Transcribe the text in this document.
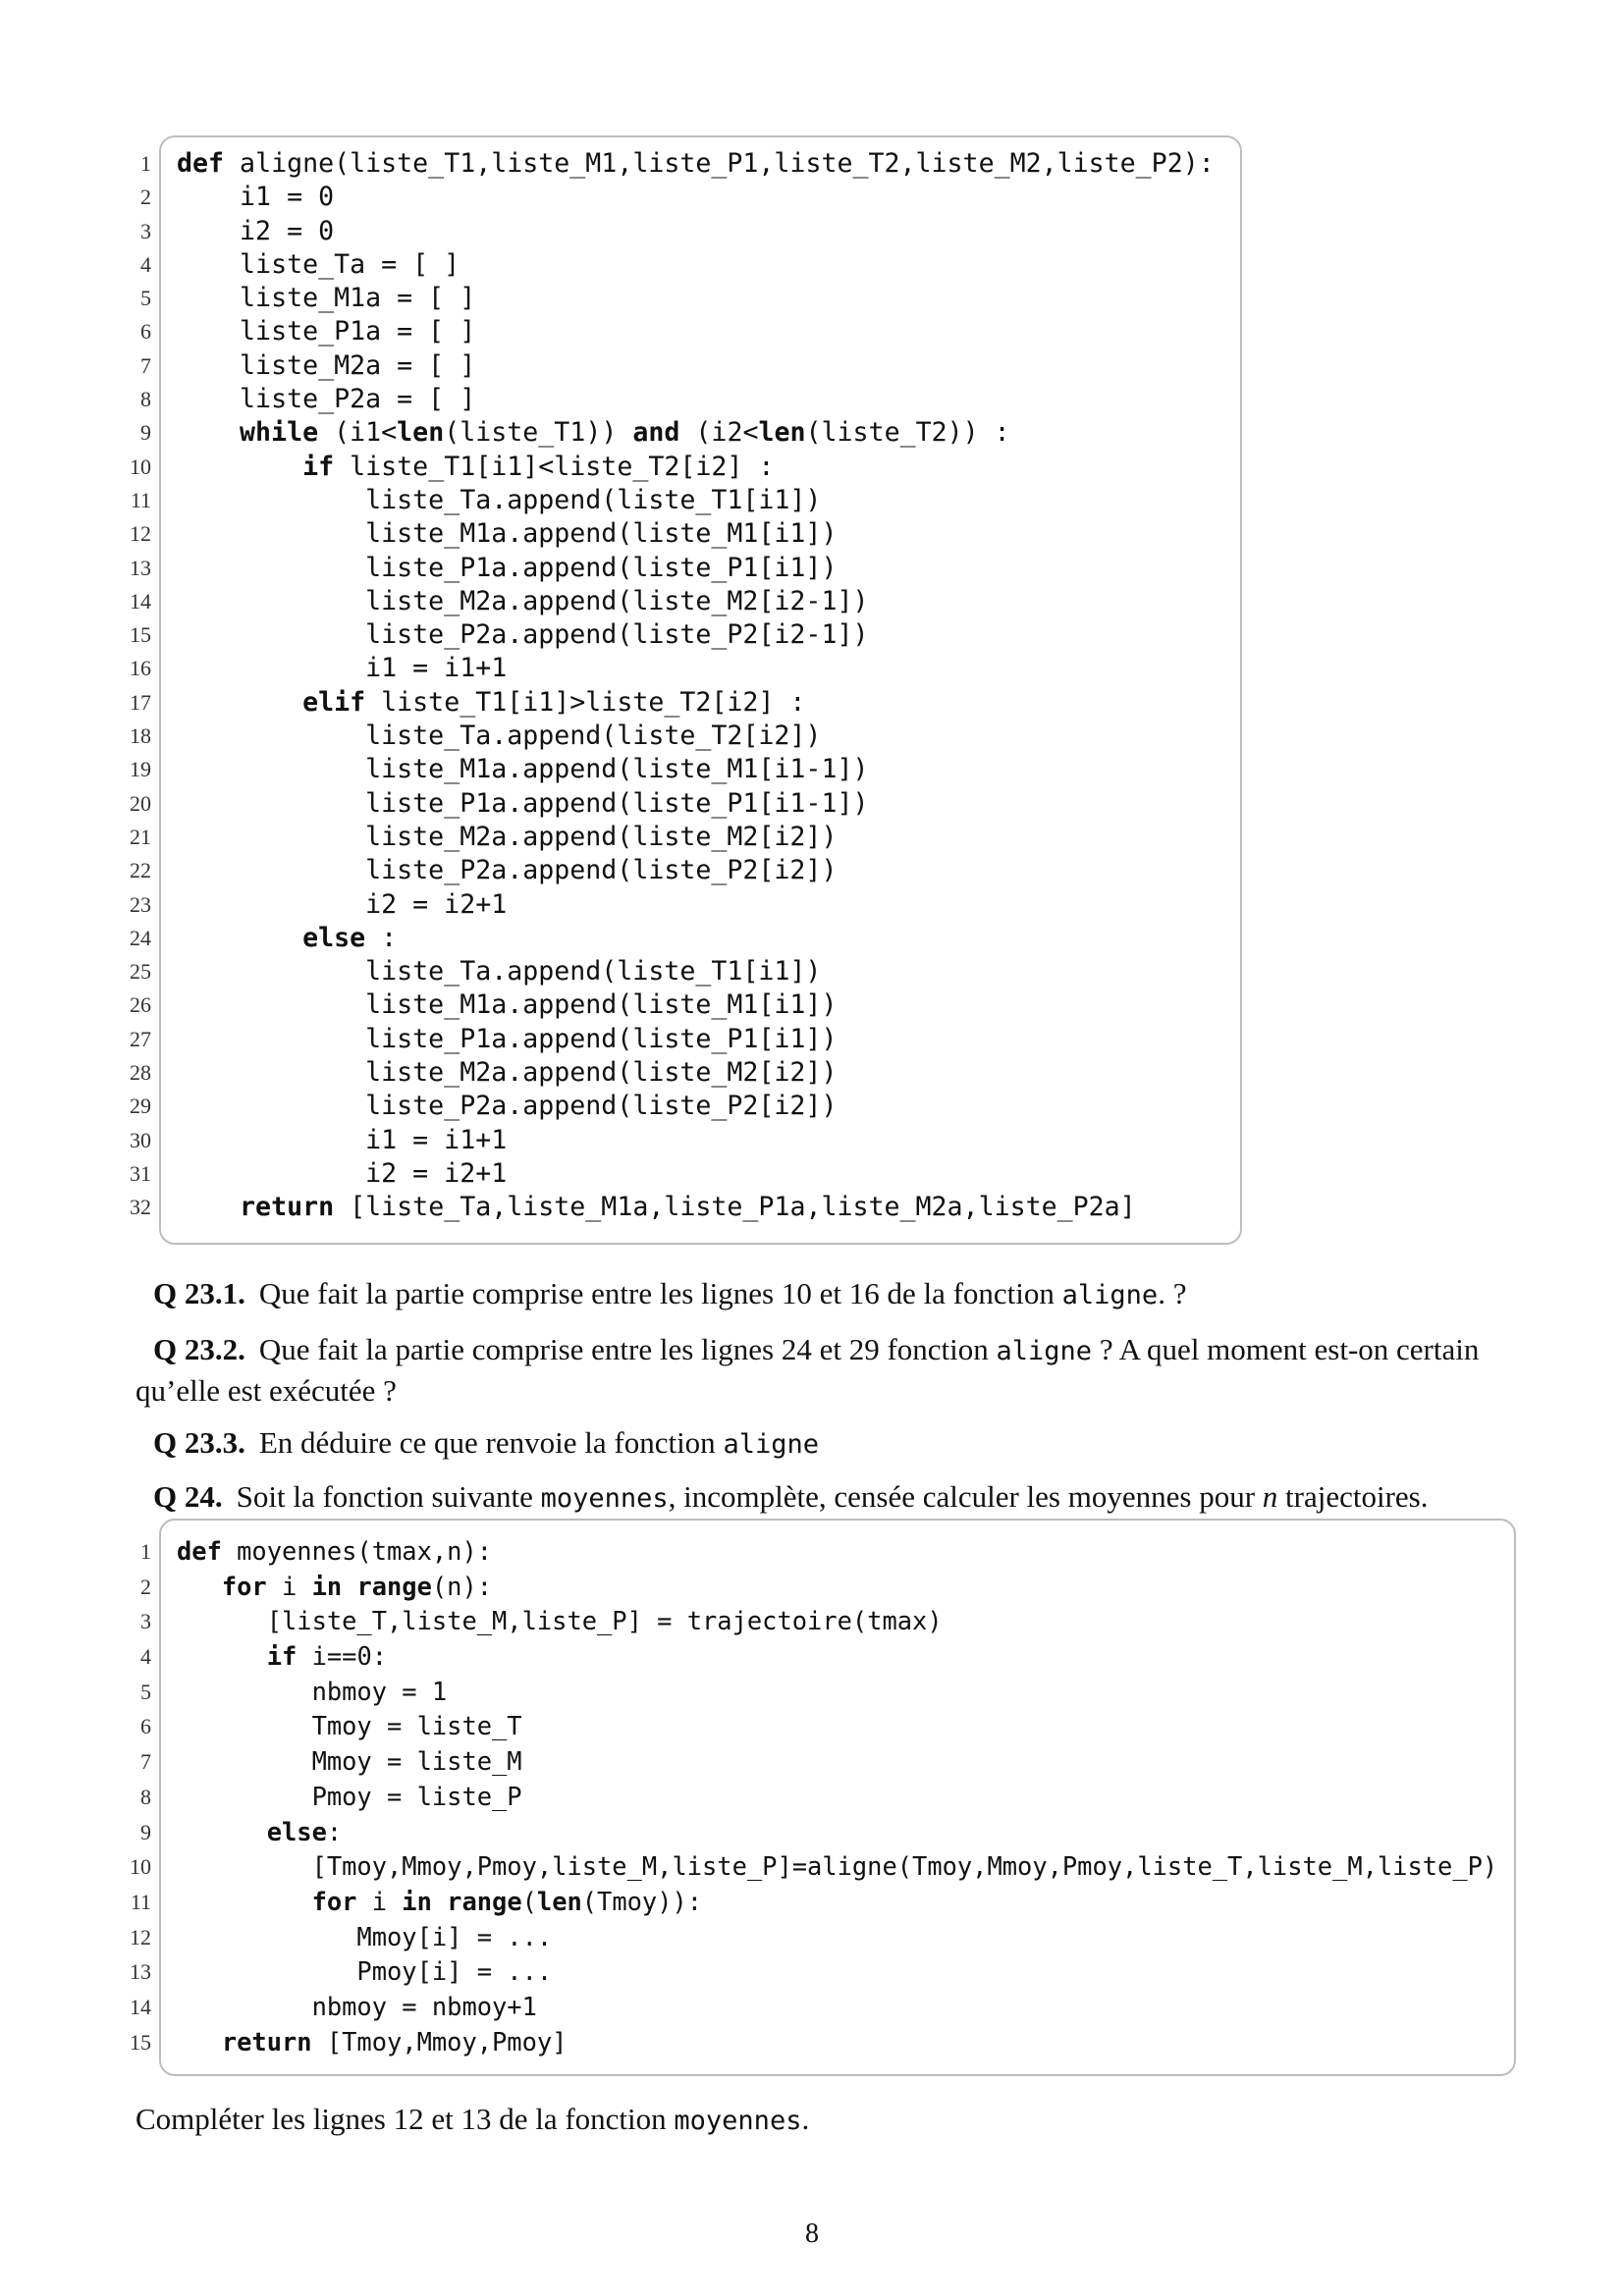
1 def aligne(liste_T1,liste_M1,liste_P1,liste_T2,liste_M2,liste_P2):
2 i1 = 0
3 i2 = 0
4 liste_Ta = [ ]
5 liste_M1a = [ ]
6 liste_P1a = [ ]
7 liste_M2a = [ ]
8 liste_P2a = [ ]
9	while (i1<len(liste_T1)) and (i2<len(liste_T2)) :
10	if liste_T1[i1]<liste_T2[i2] :
11 liste_Ta.append(liste_T1[i1])
12 liste_M1a.append(liste_M1[i1])
13 liste_P1a.append(liste_P1[i1])
14 liste_M2a.append(liste_M2[i2-1])
15 liste_P2a.append(liste_P2[i2-1])
16 i1 = i1+1
17	elif liste_T1[i1]>liste_T2[i2] :
18 liste_Ta.append(liste_T2[i2])
19 liste_M1a.append(liste_M1[i1-1])
20 liste_P1a.append(liste_P1[i1-1])
21 liste_M2a.append(liste_M2[i2])
22 liste_P2a.append(liste_P2[i2])
23 i2 = i2+1
24	else :
25 liste_Ta.append(liste_T1[i1])
26 liste_M1a.append(liste_M1[i1])
27 liste_P1a.append(liste_P1[i1])
28 liste_M2a.append(liste_M2[i2])
29 liste_P2a.append(liste_P2[i2])
30 i1 = i1+1
31 i2 = i2+1
32	return [liste_Ta,liste_M1a,liste_P1a,liste_M2a,liste_P2a]

Q 23.1. Que fait la partie comprise entre les lignes 10 et 16 de la fonction aligne. ?

Q 23.2. Que fait la partie comprise entre les lignes 24 et 29 fonction aligne ? A quel moment est-on certain qu’elle est exécutée ?

Q 23.3. En déduire ce que renvoie la fonction aligne

Q 24. Soit la fonction suivante moyennes, incomplète, censée calculer les moyennes pour n trajectoires.

1 def moyennes(tmax,n):
2	for i in range(n):
3 [liste_T,liste_M,liste_P] = trajectoire(tmax)
4	if i==0:
5 nbmoy = 1
6 Tmoy = liste_T
7 Mmoy = liste_M
8 Pmoy = liste_P
9	else:
10 [Tmoy,Mmoy,Pmoy,liste_M,liste_P]=aligne(Tmoy,Mmoy,Pmoy,liste_T,liste_M,liste_P)
11	for i in range(len(Tmoy)):
12 Mmoy[i] = ...
13 Pmoy[i] = ...
14 nbmoy = nbmoy+1
15	return [Tmoy,Mmoy,Pmoy]

Compléter les lignes 12 et 13 de la fonction moyennes.

8
